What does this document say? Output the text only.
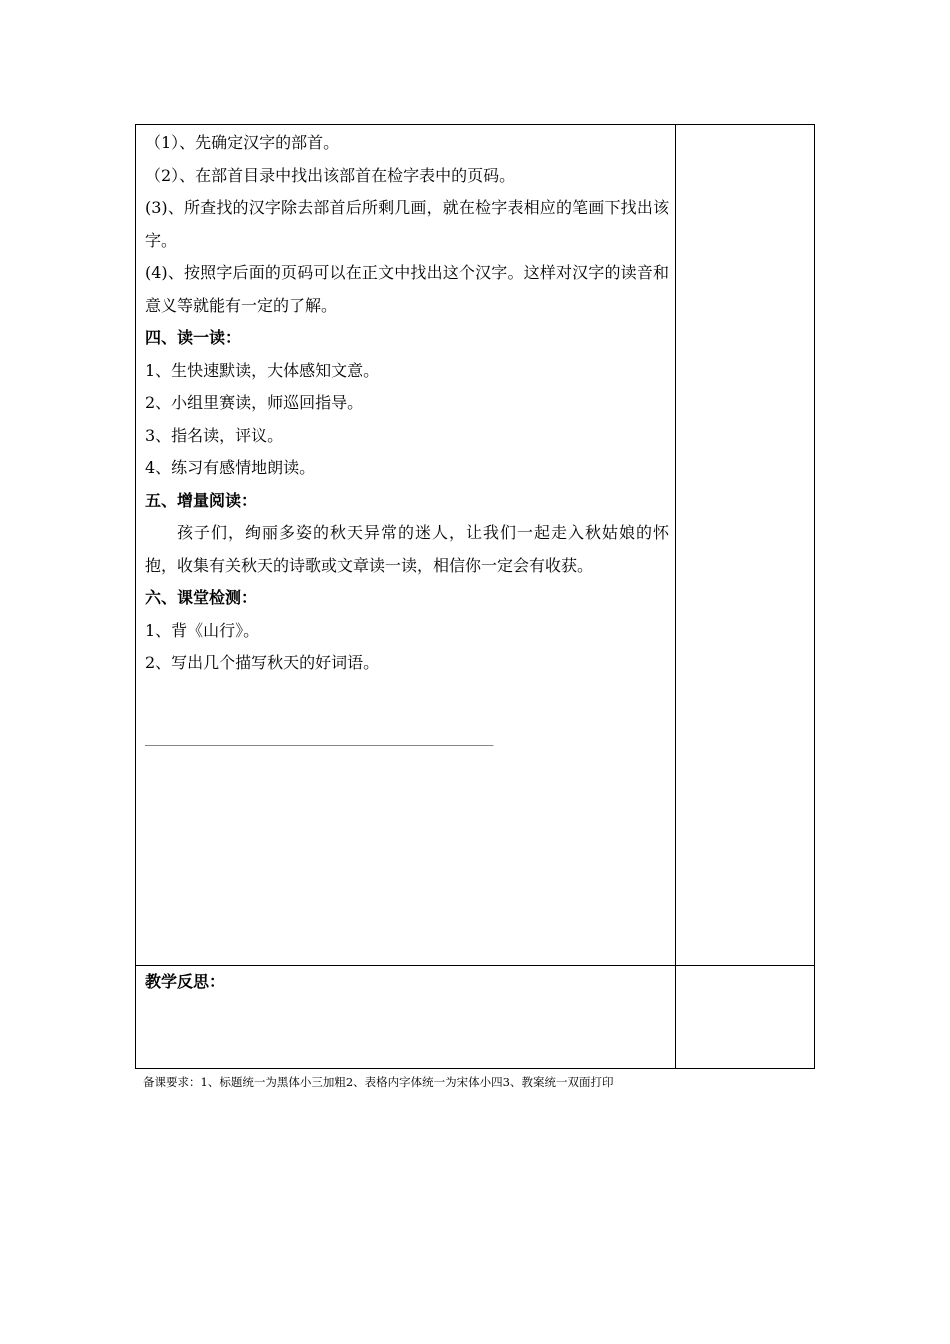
（1）、先确定汉字的部首。

（2）、在部首目录中找出该部首在检字表中的页码。

(3)、所查找的汉字除去部首后所剩几画，就在检字表相应的笔画下找出该字。

(4)、按照字后面的页码可以在正文中找出这个汉字。这样对汉字的读音和意义等就能有一定的了解。

四、读一读：

1、生快速默读，大体感知文意。

2、小组里赛读，师巡回指导。

3、指名读，评议。

4、练习有感情地朗读。

五、增量阅读：

孩子们，绚丽多姿的秋天异常的迷人，让我们一起走入秋姑娘的怀抱，收集有关秋天的诗歌或文章读一读，相信你一定会有收获。

六、课堂检测：

1、背《山行》。

2、写出几个描写秋天的好词语。

___________________________________________________
教学反思：
备课要求：1、标题统一为黑体小三加粗2、表格内字体统一为宋体小四3、教案统一双面打印
